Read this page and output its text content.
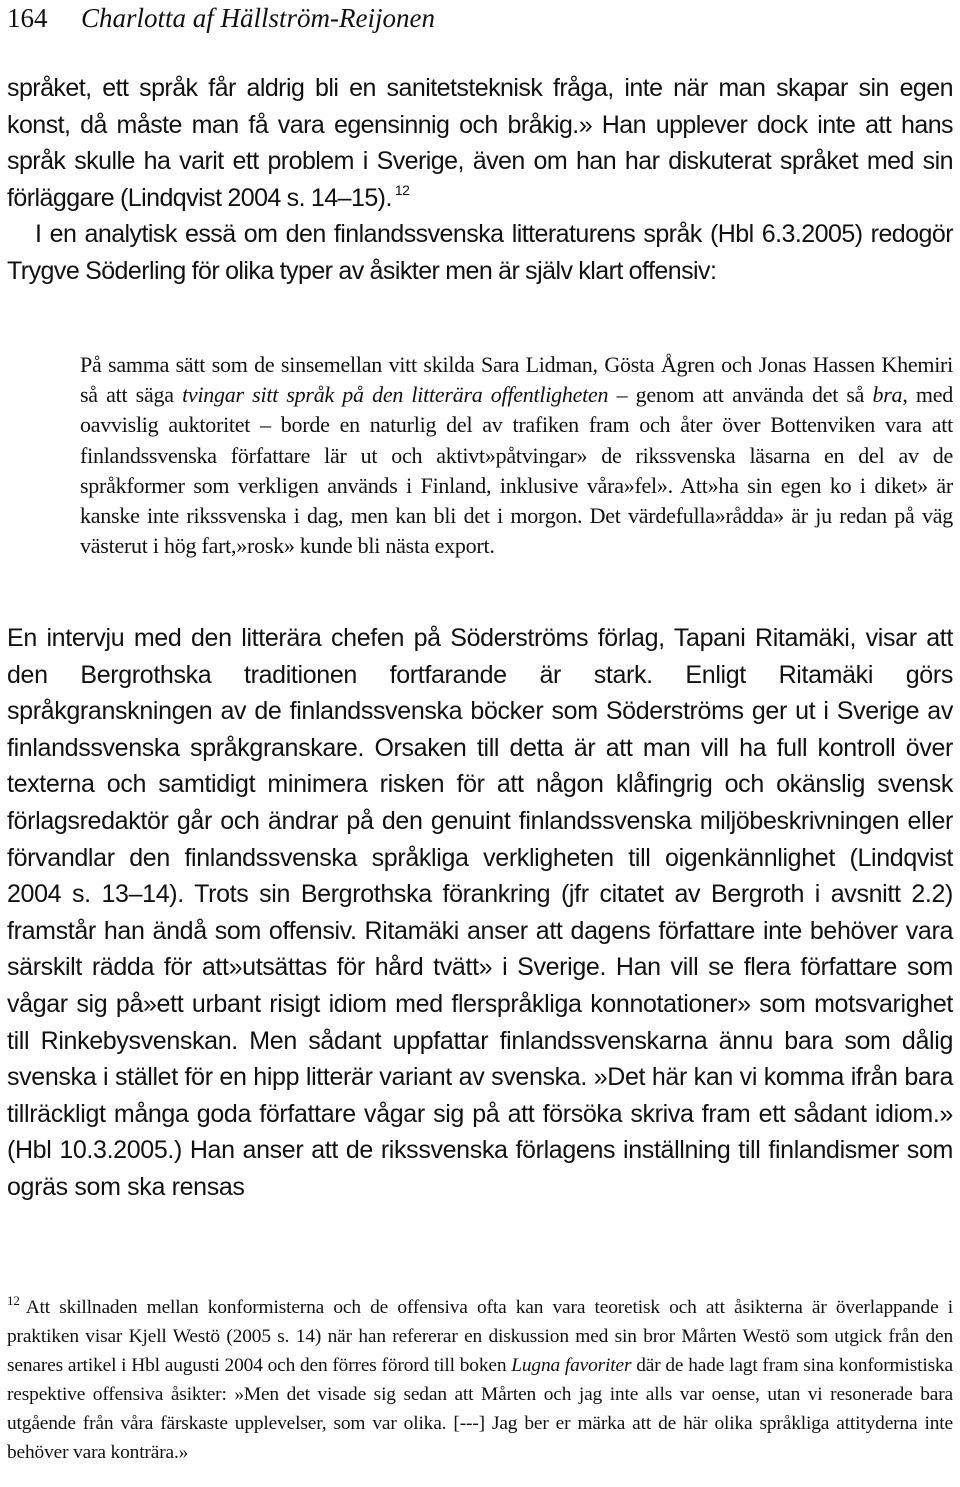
164 Charlotta af Hällström-Reijonen
språket, ett språk får aldrig bli en sanitetsteknisk fråga, inte när man skapar sin egen konst, då måste man få vara egensinnig och bråkig.» Han upplever dock inte att hans språk skulle ha varit ett problem i Sverige, även om han har diskuterat språket med sin förläggare (Lindqvist 2004 s. 14–15). $^{12}$
I en analytisk essä om den finlandssvenska litteraturens språk (Hbl 6.3.2005) redogör Trygve Söderling för olika typer av åsikter men är själv klart offensiv:

På samma sätt som de sinsemellan vitt skilda Sara Lidman, Gösta Ågren och Jonas Hassen Khemiri så att säga tvingar sitt språk på den litterära offentligheten – genom att använda det så bra, med oavvislig auktoritet – borde en naturlig del av trafiken fram och åter över Bottenviken vara att finlandssvenska författare lär ut och aktivt»påtvingar» de rikssvenska läsarna en del av de språkformer som verkligen används i Finland, inklusive våra»fel». Att»ha sin egen ko i diket» är kanske inte rikssvenska i dag, men kan bli det i morgon. Det värdefulla»rådda» är ju redan på väg västerut i hög fart,»rosk» kunde bli nästa export.

En intervju med den litterära chefen på Söderströms förlag, Tapani Ritamäki, visar att den Bergrothska traditionen fortfarande är stark. Enligt Ritamäki görs språkgranskningen av de finlandssvenska böcker som Söderströms ger ut i Sverige av finlandssvenska språkgranskare. Orsaken till detta är att man vill ha full kontroll över texterna och samtidigt minimera risken för att någon klåfingrig och okänslig svensk förlagsredaktör går och ändrar på den genuint finlandssvenska miljöbeskrivningen eller förvandlar den finlandssvenska språkliga verkligheten till oigenkännlighet (Lindqvist 2004 s. 13–14). Trots sin Bergrothska förankring (jfr citatet av Bergroth i avsnitt 2.2) framstår han ändå som offensiv. Ritamäki anser att dagens författare inte behöver vara särskilt rädda för att»utsättas för hård tvätt» i Sverige. Han vill se flera författare som vågar sig på»ett urbant risigt idiom med flerspråkliga konnotationer» som motsvarighet till Rinkebysvenskan. Men sådant uppfattar finlandssvenskarna ännu bara som dålig svenska i stället för en hipp litterär variant av svenska. »Det här kan vi komma ifrån bara tillräckligt många goda författare vågar sig på att försöka skriva fram ett sådant idiom.» (Hbl 10.3.2005.) Han anser att de rikssvenska förlagens inställning till finlandismer som ogräs som ska rensas

$^{12}$ Att skillnaden mellan konformisterna och de offensiva ofta kan vara teoretisk och att åsikterna är överlappande i praktiken visar Kjell Westö (2005 s. 14) när han refererar en diskussion med sin bror Mårten Westö som utgick från den senares artikel i Hbl augusti 2004 och den förres förord till boken Lugna favoriter där de hade lagt fram sina konformistiska respektive offensiva åsikter: »Men det visade sig sedan att Mårten och jag inte alls var oense, utan vi resonerade bara utgående från våra färskaste upplevelser, som var olika. [---] Jag ber er märka att de här olika språkliga attityderna inte behöver vara konträra.»
